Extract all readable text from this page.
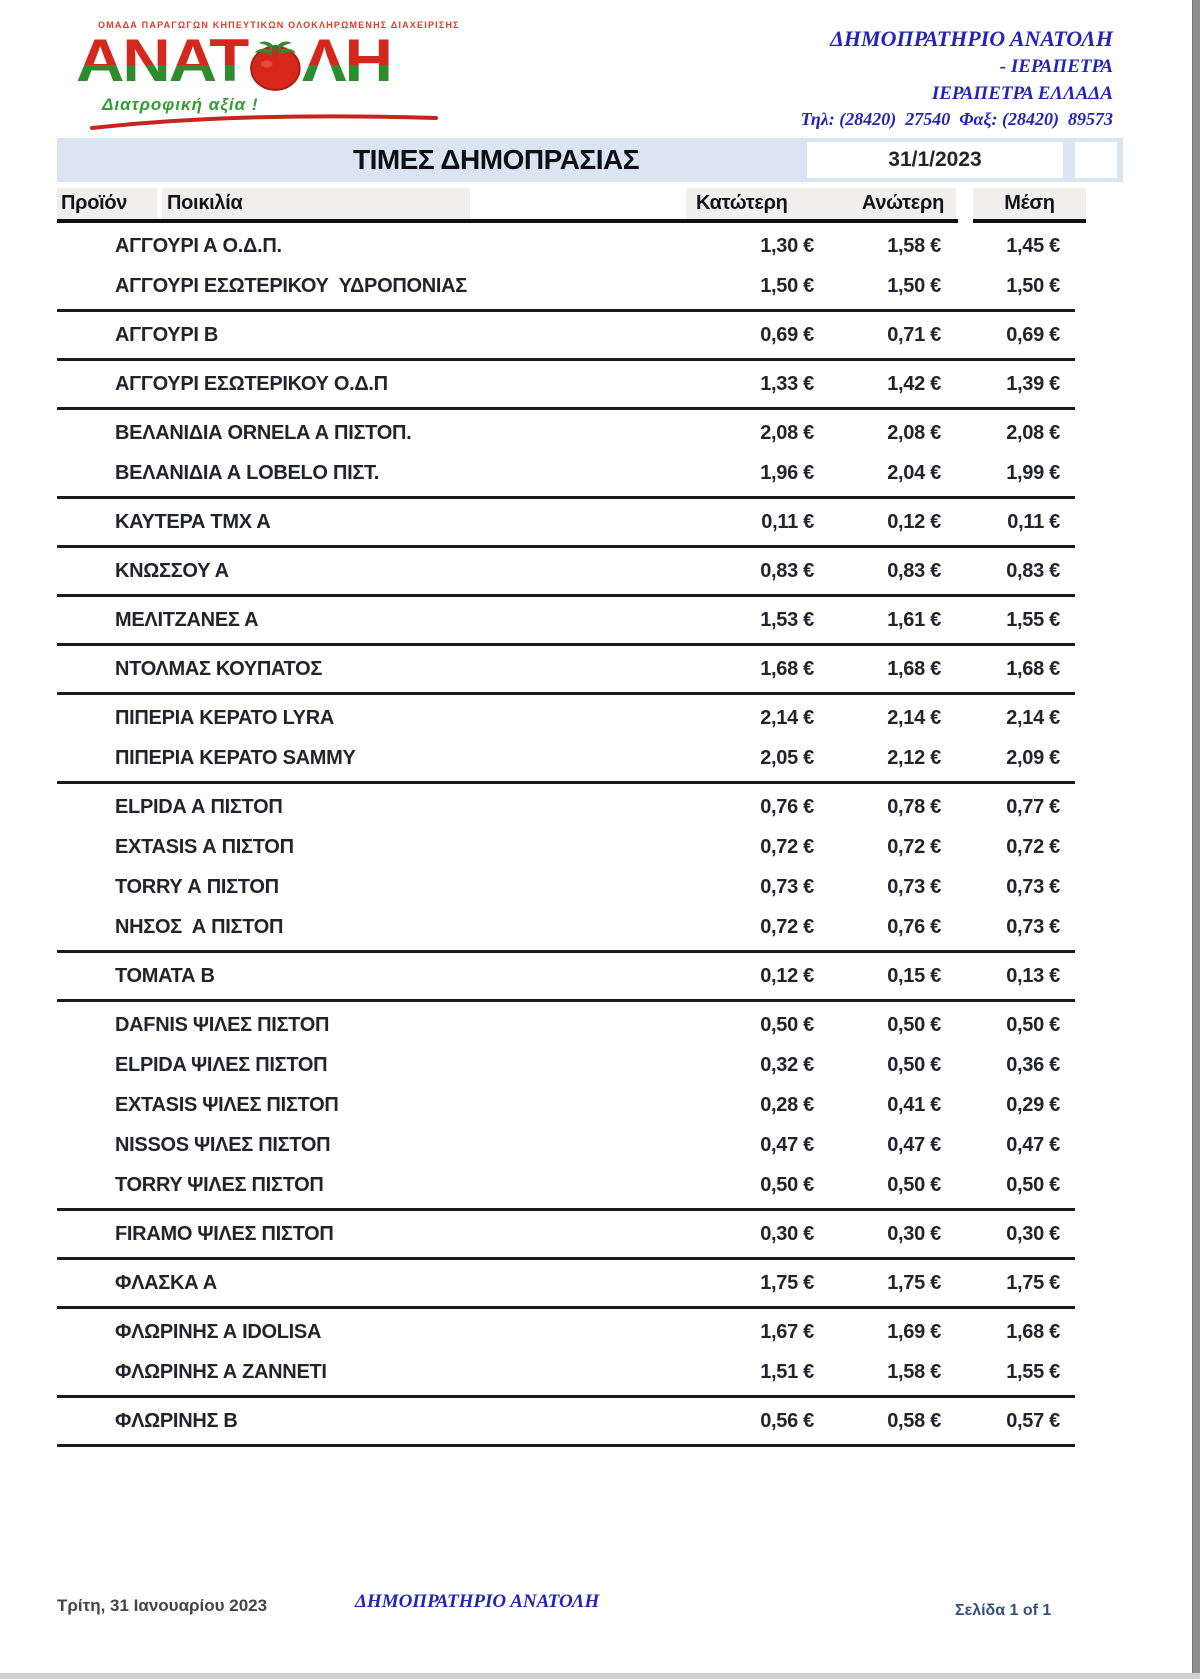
ΟΜΑΔΑ ΠΑΡΑΓΩΓΩΝ ΚΗΠΕΥΤΙΚΩΝ ΟΛΟΚΛΗΡΩΜΕΝΗΣ ΔΙΑΧΕΙΡΙΣΗΣ
ΑΝΑΤ ΛΗ
Διατροφική αξία !
ΔΗΜΟΠΡΑΤΗΡΙΟ ΑΝΑΤΟΛΗ
- ΙΕΡΑΠΕΤΡΑ
ΙΕΡΑΠΕΤΡΑ ΕΛΛΑΔΑ
Τηλ: (28420)  27540  Φαξ: (28420)  89573
ΤΙΜΕΣ ΔΗΜΟΠΡΑΣΙΑΣ	31/1/2023
Προϊόν	Ποικιλία	Κατώτερη	Ανώτερη	Μέση
ΑΓΓΟΥΡΙ Α Ο.Δ.Π.	1,30 €	1,58 €	1,45 €
ΑΓΓΟΥΡΙ ΕΣΩΤΕΡΙΚΟΥ  ΥΔΡΟΠΟΝΙΑΣ	1,50 €	1,50 €	1,50 €
ΑΓΓΟΥΡΙ Β	0,69 €	0,71 €	0,69 €
ΑΓΓΟΥΡΙ ΕΣΩΤΕΡΙΚΟΥ Ο.Δ.Π	1,33 €	1,42 €	1,39 €
ΒΕΛΑΝΙΔΙΑ ORNELA Α ΠΙΣΤΟΠ.	2,08 €	2,08 €	2,08 €
ΒΕΛΑΝΙΔΙΑ Α LOBELO ΠΙΣΤ.	1,96 €	2,04 €	1,99 €
ΚΑΥΤΕΡΑ ΤΜΧ Α	0,11 €	0,12 €	0,11 €
ΚΝΩΣΣΟΥ Α	0,83 €	0,83 €	0,83 €
ΜΕΛΙΤΖΑΝΕΣ Α	1,53 €	1,61 €	1,55 €
ΝΤΟΛΜΑΣ ΚΟΥΠΑΤΟΣ	1,68 €	1,68 €	1,68 €
ΠΙΠΕΡΙΑ ΚΕΡΑΤΟ LYRA	2,14 €	2,14 €	2,14 €
ΠΙΠΕΡΙΑ ΚΕΡΑΤΟ SAMMY	2,05 €	2,12 €	2,09 €
ELPIDA Α ΠΙΣΤΟΠ	0,76 €	0,78 €	0,77 €
EXTASIS Α ΠΙΣΤΟΠ	0,72 €	0,72 €	0,72 €
TORRY Α ΠΙΣΤΟΠ	0,73 €	0,73 €	0,73 €
ΝΗΣΟΣ  Α ΠΙΣΤΟΠ	0,72 €	0,76 €	0,73 €
ΤΟΜΑΤΑ Β	0,12 €	0,15 €	0,13 €
DAFNIS ΨΙΛΕΣ ΠΙΣΤΟΠ	0,50 €	0,50 €	0,50 €
ELPIDA ΨΙΛΕΣ ΠΙΣΤΟΠ	0,32 €	0,50 €	0,36 €
EXTASIS ΨΙΛΕΣ ΠΙΣΤΟΠ	0,28 €	0,41 €	0,29 €
NISSOS ΨΙΛΕΣ ΠΙΣΤΟΠ	0,47 €	0,47 €	0,47 €
TORRY ΨΙΛΕΣ ΠΙΣΤΟΠ	0,50 €	0,50 €	0,50 €
FIRAMO ΨΙΛΕΣ ΠΙΣΤΟΠ	0,30 €	0,30 €	0,30 €
ΦΛΑΣΚΑ Α	1,75 €	1,75 €	1,75 €
ΦΛΩΡΙΝΗΣ Α IDOLISA	1,67 €	1,69 €	1,68 €
ΦΛΩΡΙΝΗΣ Α ΖΑΝΝΕΤΙ	1,51 €	1,58 €	1,55 €
ΦΛΩΡΙΝΗΣ Β	0,56 €	0,58 €	0,57 €
Τρίτη, 31 Ιανουαρίου 2023	ΔΗΜΟΠΡΑΤΗΡΙΟ ΑΝΑΤΟΛΗ	Σελίδα 1 of 1
